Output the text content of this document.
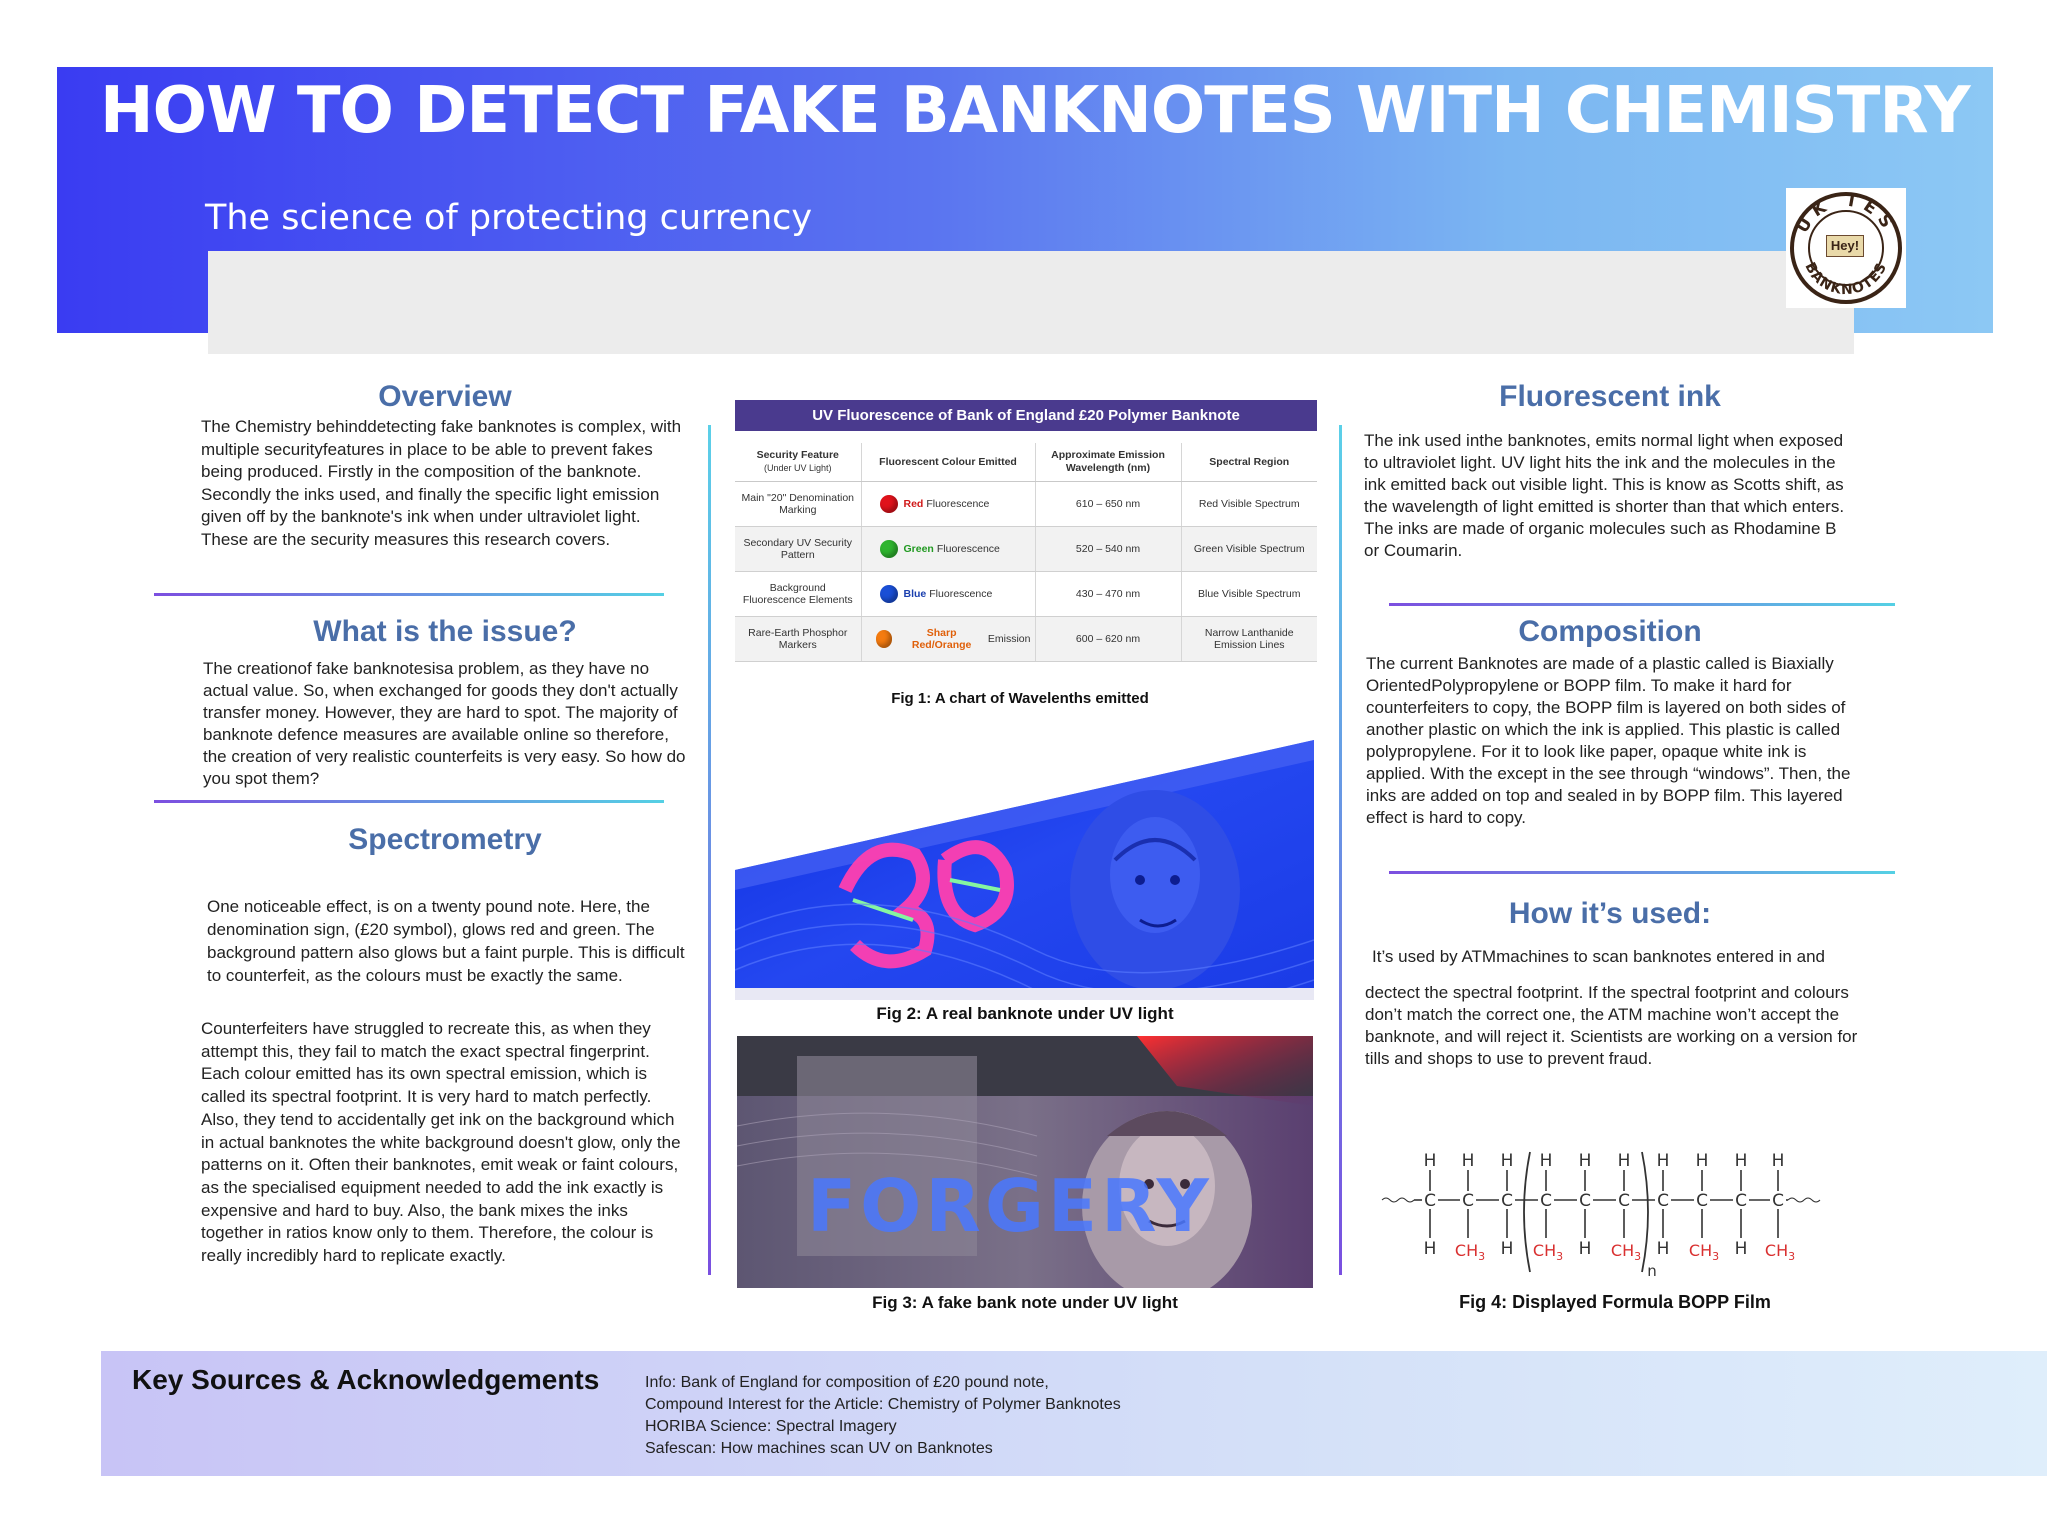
HOW TO DETECT FAKE BANKNOTES WITH CHEMISTRY
The science of protecting currency	UK TES
BANKNOTES
Hey!
Overview
The Chemistry behinddetecting fake banknotes is complex, with multiple securityfeatures in place to be able to prevent fakes being produced. Firstly in the composition of the banknote. Secondly the inks used, and finally the specific light emission given off by the banknote's ink when under ultraviolet light. These are the security measures this research covers.
What is the issue?
The creationof fake banknotesisa problem, as they have no actual value. So, when exchanged for goods they don't actually transfer money. However, they are hard to spot. The majority of banknote defence measures are available online so therefore, the creation of very realistic counterfeits is very easy. So how do you spot them?
Spectrometry
One noticeable effect, is on a twenty pound note. Here, the denomination sign, (£20 symbol), glows red and green. The background pattern also glows but a faint purple. This is difficult to counterfeit, as the colours must be exactly the same.
Counterfeiters have struggled to recreate this, as when they attempt this, they fail to match the exact spectral fingerprint. Each colour emitted has its own spectral emission, which is called its spectral footprint. It is very hard to match perfectly. Also, they tend to accidentally get ink on the background which in actual banknotes the white background doesn't glow, only the patterns on it. Often their banknotes, emit weak or faint colours, as the specialised equipment needed to add the ink exactly is expensive and hard to buy. Also, the bank mixes the inks together in ratios know only to them. Therefore, the colour is really incredibly hard to replicate exactly.
UV Fluorescence of Bank of England £20 Polymer Banknote
Security Feature
(Under UV Light)	Fluorescent Colour Emitted	Approximate Emission Wavelength (nm)	Spectral Region
Main "20" Denomination Marking	Red Fluorescence	610 – 650 nm	Red Visible Spectrum
Secondary UV Security Pattern	Green Fluorescence	520 – 540 nm	Green Visible Spectrum
Background Fluorescence Elements	Blue Fluorescence	430 – 470 nm	Blue Visible Spectrum
Rare-Earth Phosphor Markers	Sharp Red/Orange Emission	600 – 620 nm	Narrow Lanthanide Emission Lines
Fig 1: A chart of Wavelenths emitted
Fig 2: A real banknote under UV light
FORGERY
Fig 3: A fake bank note under UV light
Fluorescent ink
The ink used inthe banknotes, emits normal light when exposed to ultraviolet light. UV light hits the ink and the molecules in the ink emitted back out visible light. This is know as Scotts shift, as the wavelength of light emitted is shorter than that which enters. The inks are made of organic molecules such as Rhodamine B or Coumarin.
Composition
The current Banknotes are made of a plastic called is Biaxially OrientedPolypropylene or BOPP film. To make it hard for counterfeiters to copy, the BOPP film is layered on both sides of another plastic on which the ink is applied. This plastic is called polypropylene. For it to look like paper, opaque white ink is applied. With the except in the see through “windows”. Then, the inks are added on top and sealed in by BOPP film. This layered effect is hard to copy.
How it’s used:
It’s used by ATMmachines to scan banknotes entered in and
dectect the spectral footprint. If the spectral footprint and colours don’t match the correct one, the ATM machine won’t accept the banknote, and will reject it. Scientists are working on a version for tills and shops to use to prevent fraud.
C
H
H
C
H
$CH_3$
C
H
H
C
H
$CH_3$
C
H
H
C
H
$CH_3$
C
H
H
C
H
$CH_3$
C
H
H
C
H
$CH_3$
n
Fig 4: Displayed Formula BOPP Film
Key Sources & Acknowledgements	Info: Bank of England for composition of £20 pound note,
Compound Interest for the Article: Chemistry of Polymer Banknotes
HORIBA Science: Spectral Imagery
Safescan: How machines scan UV on Banknotes
